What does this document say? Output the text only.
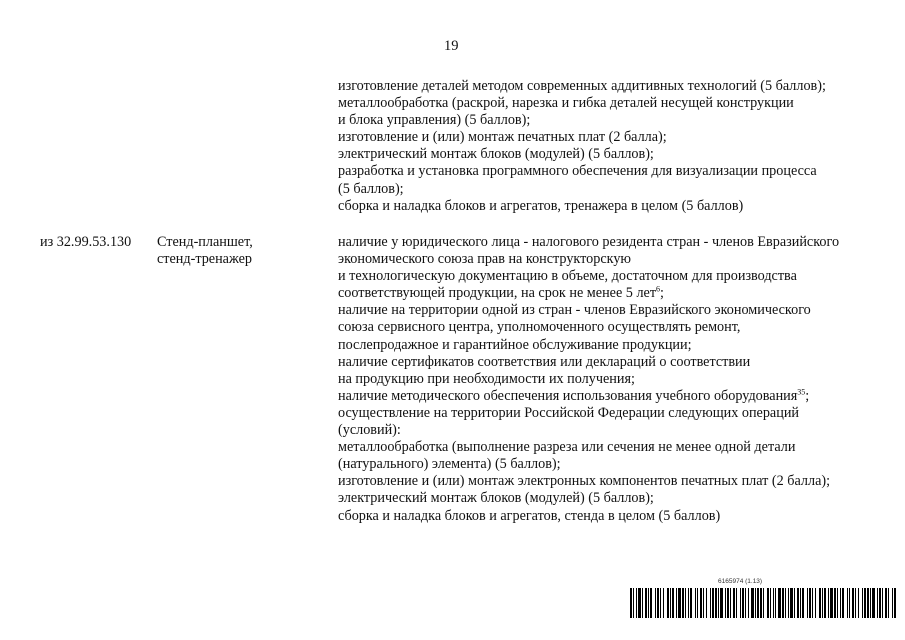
19
изготовление деталей методом современных аддитивных технологий (5 баллов);
металлообработка (раскрой, нарезка и гибка деталей несущей конструкции
и блока управления) (5 баллов);
изготовление и (или) монтаж печатных плат (2 балла);
электрический монтаж блоков (модулей) (5 баллов);
разработка и установка программного обеспечения для визуализации процесса
(5 баллов);
сборка и наладка блоков и агрегатов, тренажера в целом (5 баллов)
из 32.99.53.130 Стенд-планшет,
стенд-тренажер
наличие у юридического лица - налогового резидента стран - членов Евразийского
экономического союза прав на конструкторскую
и технологическую документацию в объеме, достаточном для производства
соответствующей продукции, на срок не менее 5 лет$^6$;
наличие на территории одной из стран - членов Евразийского экономического
союза сервисного центра, уполномоченного осуществлять ремонт,
послепродажное и гарантийное обслуживание продукции;
наличие сертификатов соответствия или деклараций о соответствии
на продукцию при необходимости их получения;
наличие методического обеспечения использования учебного оборудования$^{35}$;
осуществление на территории Российской Федерации следующих операций
(условий):
металлообработка (выполнение разреза или сечения не менее одной детали
(натурального) элемента) (5 баллов);
изготовление и (или) монтаж электронных компонентов печатных плат (2 балла);
электрический монтаж блоков (модулей) (5 баллов);
сборка и наладка блоков и агрегатов, стенда в целом (5 баллов)
6165974 (1.13)
